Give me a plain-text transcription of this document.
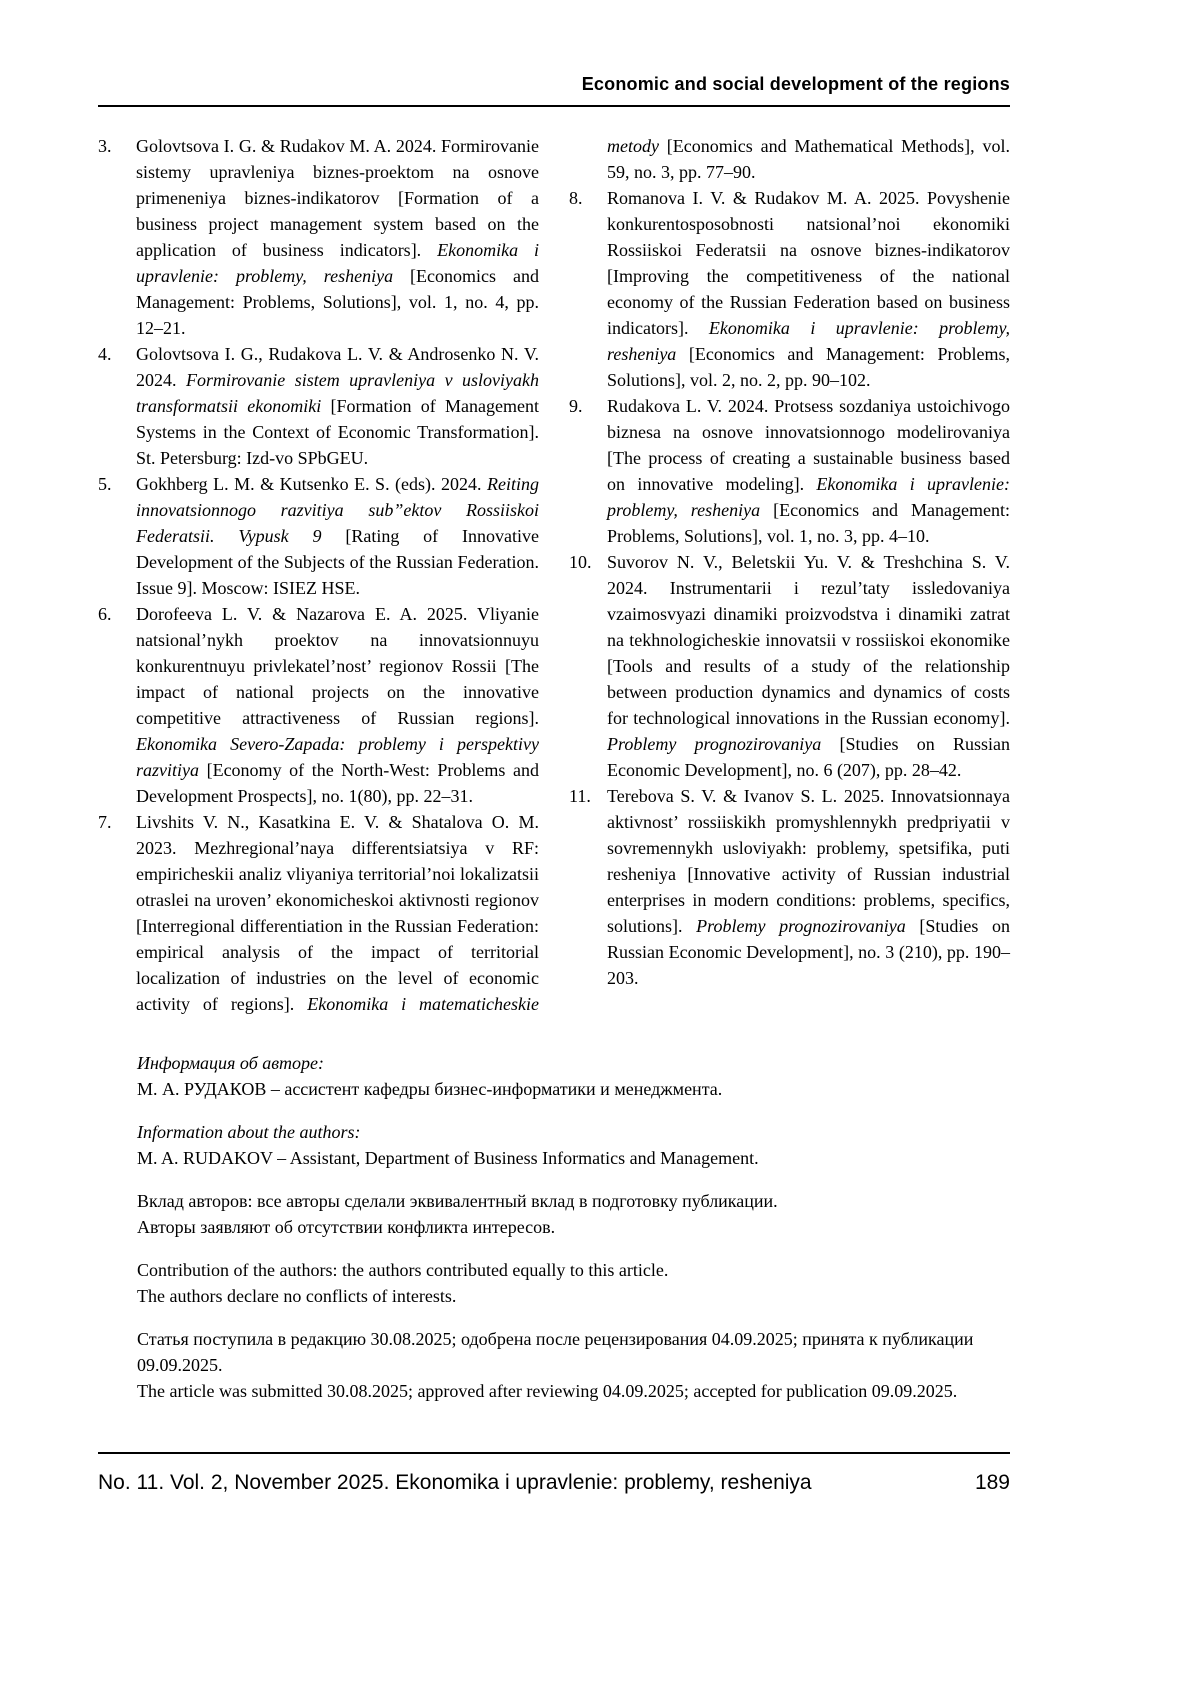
Economic and social development of the regions
3. Golovtsova I. G. & Rudakov M. A. 2024. Formirovanie sistemy upravleniya biznes-proektom na osnove primeneniya biznes-indikatorov [Formation of a business project management system based on the application of business indicators]. Ekonomika i upravlenie: problemy, resheniya [Economics and Management: Problems, Solutions], vol. 1, no. 4, pp. 12–21.
4. Golovtsova I. G., Rudakova L. V. & Androsenko N. V. 2024. Formirovanie sistem upravleniya v usloviyakh transformatsii ekonomiki [Formation of Management Systems in the Context of Economic Transformation]. St. Petersburg: Izd-vo SPbGEU.
5. Gokhberg L. M. & Kutsenko E. S. (eds). 2024. Reiting innovatsionnogo razvitiya sub”ektov Rossiiskoi Federatsii. Vypusk 9 [Rating of Innovative Development of the Subjects of the Russian Federation. Issue 9]. Moscow: ISIEZ HSE.
6. Dorofeeva L. V. & Nazarova E. A. 2025. Vliyanie natsional’nykh proektov na innovatsionnuyu konkurentnuyu privlekatel’nost’ regionov Rossii [The impact of national projects on the innovative competitive attractiveness of Russian regions]. Ekonomika Severo-Zapada: problemy i perspektivy razvitiya [Economy of the North-West: Problems and Development Prospects], no. 1(80), pp. 22–31.
7. Livshits V. N., Kasatkina E. V. & Shatalova O. M. 2023. Mezhregional’naya differentsiatsiya v RF: empiricheskii analiz vliyaniya territorial’noi lokalizatsii otraslei na uroven’ ekonomicheskoi aktivnosti regionov [Interregional differentiation in the Russian Federation: empirical analysis of the impact of territorial localization of industries on the level of economic activity of regions]. Ekonomika i matematicheskie metody [Economics and Mathematical Methods], vol. 59, no. 3, pp. 77–90.
8. Romanova I. V. & Rudakov M. A. 2025. Povyshenie konkurentosposobnosti natsional’noi ekonomiki Rossiiskoi Federatsii na osnove biznes-indikatorov [Improving the competitiveness of the national economy of the Russian Federation based on business indicators]. Ekonomika i upravlenie: problemy, resheniya [Economics and Management: Problems, Solutions], vol. 2, no. 2, pp. 90–102.
9. Rudakova L. V. 2024. Protsess sozdaniya ustoichivogo biznesa na osnove innovatsionnogo modelirovaniya [The process of creating a sustainable business based on innovative modeling]. Ekonomika i upravlenie: problemy, resheniya [Economics and Management: Problems, Solutions], vol. 1, no. 3, pp. 4–10.
10. Suvorov N. V., Beletskii Yu. V. & Treshchina S. V. 2024. Instrumentarii i rezul’taty issledovaniya vzaimosvyazi dinamiki proizvodstva i dinamiki zatrat na tekhnologicheskie innovatsii v rossiiskoi ekonomike [Tools and results of a study of the relationship between production dynamics and dynamics of costs for technological innovations in the Russian economy]. Problemy prognozirovaniya [Studies on Russian Economic Development], no. 6 (207), pp. 28–42.
11. Terebova S. V. & Ivanov S. L. 2025. Innovatsionnaya aktivnost’ rossiiskikh promyshlennykh predpriyatii v sovremennykh usloviyakh: problemy, spetsifika, puti resheniya [Innovative activity of Russian industrial enterprises in modern conditions: problems, specifics, solutions]. Problemy prognozirovaniya [Studies on Russian Economic Development], no. 3 (210), pp. 190–203.

Информация об авторе:
М. А. РУДАКОВ – ассистент кафедры бизнес-информатики и менеджмента.

Information about the authors:
M. A. RUDAKOV – Assistant, Department of Business Informatics and Management.

Вклад авторов: все авторы сделали эквивалентный вклад в подготовку публикации.
Авторы заявляют об отсутствии конфликта интересов.

Contribution of the authors: the authors contributed equally to this article.
The authors declare no conflicts of interests.

Статья поступила в редакцию 30.08.2025; одобрена после рецензирования 04.09.2025; принята к публикации 09.09.2025.
The article was submitted 30.08.2025; approved after reviewing 04.09.2025; accepted for publication 09.09.2025.

No. 11. Vol. 2, November 2025. Ekonomika i upravlenie: problemy, resheniya	189
